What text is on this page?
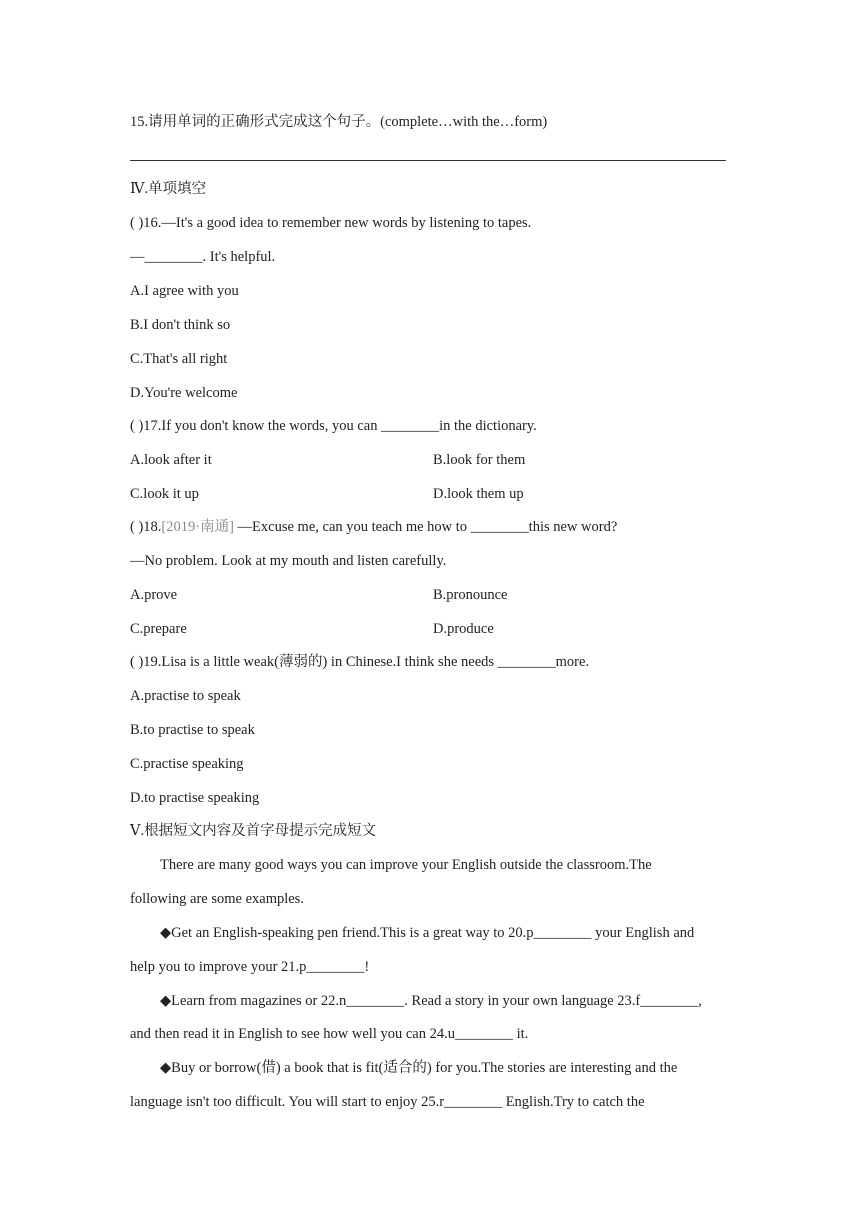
15.请用单词的正确形式完成这个句子。(complete…with the…form)
Ⅳ.单项填空
( )16.—It's a good idea to remember new words by listening to tapes.
—________. It's helpful.
A.I agree with you
B.I don't think so
C.That's all right
D.You're welcome
( )17.If you don't know the words, you can ________in the dictionary.
A.look after it	B.look for them
C.look it up	D.look them up
( )18.[2019·南通] —Excuse me, can you teach me how to ________this new word?
—No problem. Look at my mouth and listen carefully.
A.prove	B.pronounce
C.prepare	D.produce
( )19.Lisa is a little weak(薄弱的) in Chinese.I think she needs ________more.
A.practise to speak
B.to practise to speak
C.practise speaking
D.to practise speaking
Ⅴ.根据短文内容及首字母提示完成短文
There are many good ways you can improve your English outside the classroom.The
following are some examples.
◆Get an English-speaking pen friend.This is a great way to 20.p________ your English and
help you to improve your 21.p________!
◆Learn from magazines or 22.n________. Read a story in your own language 23.f________,
and then read it in English to see how well you can 24.u________ it.
◆Buy or borrow(借) a book that is fit(适合的) for you.The stories are interesting and the
language isn't too difficult. You will start to enjoy 25.r________ English.Try to catch the
